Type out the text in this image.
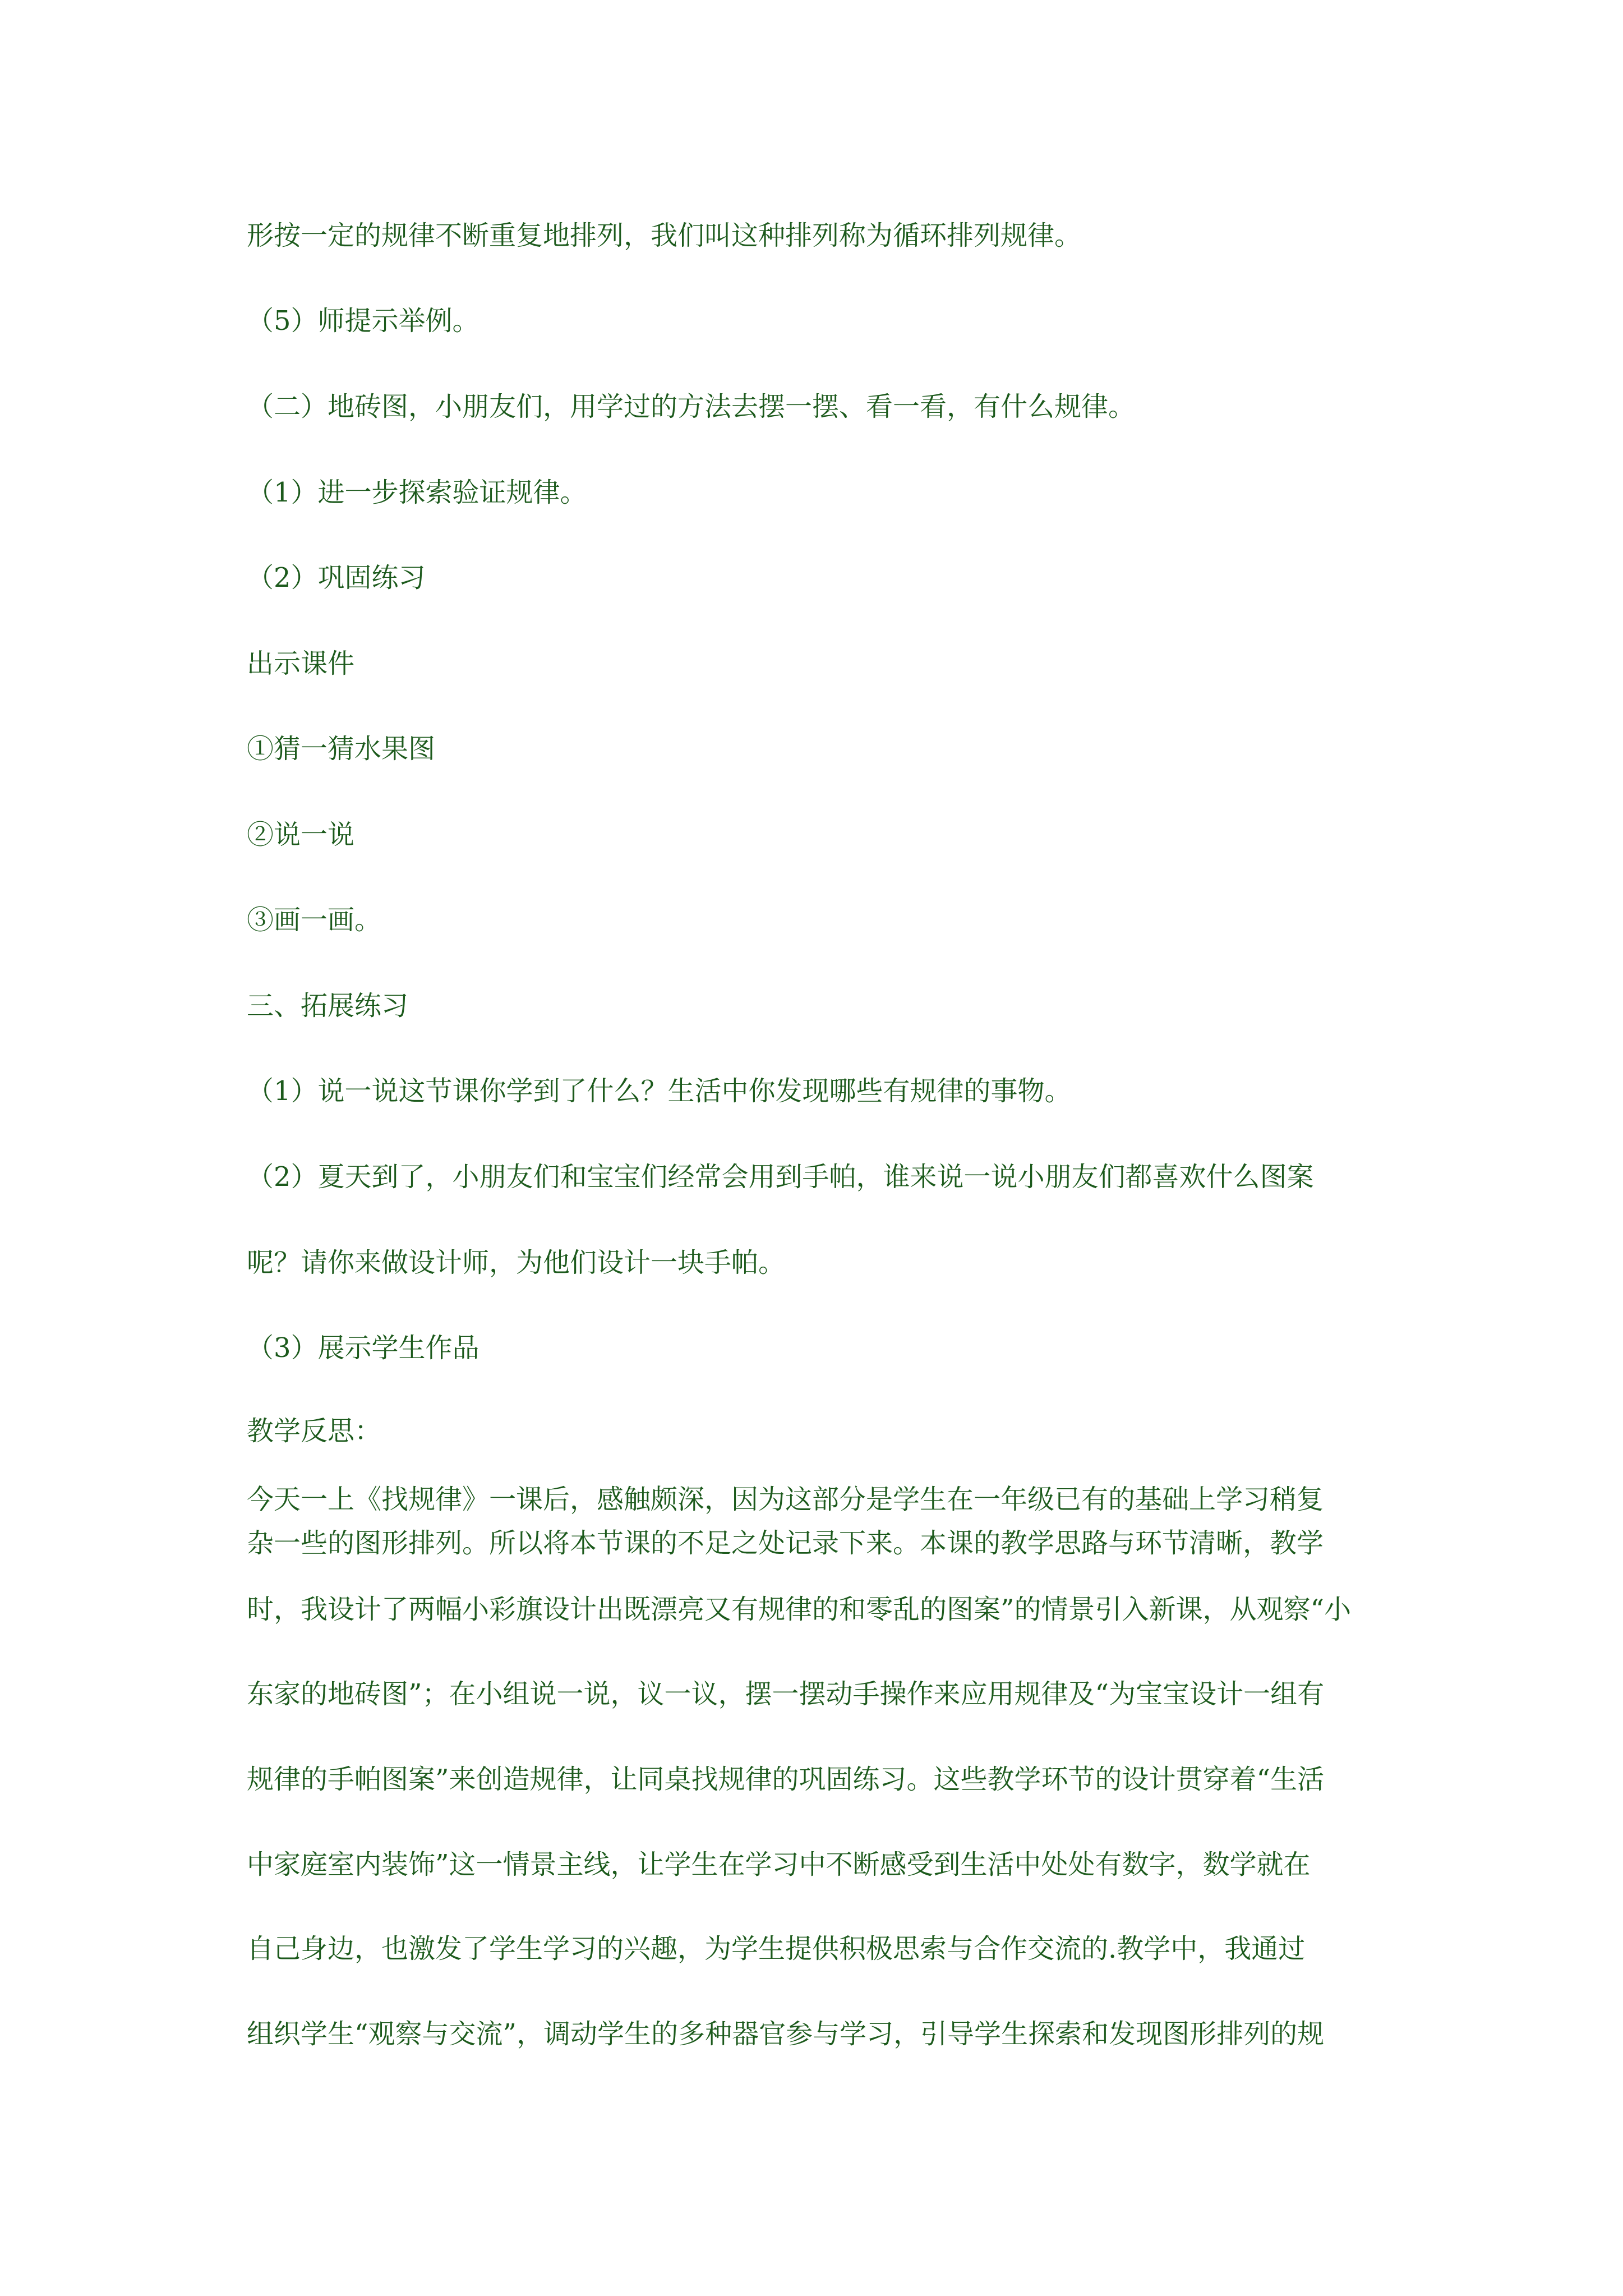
形按一定的规律不断重复地排列，我们叫这种排列称为循环排列规律。

（5）师提示举例。

（二）地砖图，小朋友们，用学过的方法去摆一摆、看一看，有什么规律。

（1）进一步探索验证规律。

（2）巩固练习

出示课件

①猜一猜水果图

②说一说

③画一画。

三、拓展练习

（1）说一说这节课你学到了什么？生活中你发现哪些有规律的事物。

（2）夏天到了，小朋友们和宝宝们经常会用到手帕，谁来说一说小朋友们都喜欢什么图案

呢？请你来做设计师，为他们设计一块手帕。

（3）展示学生作品

教学反思：

今天一上《找规律》一课后，感触颇深，因为这部分是学生在一年级已有的基础上学习稍复

杂一些的图形排列。所以将本节课的不足之处记录下来。本课的教学思路与环节清晰，教学

时，我设计了两幅小彩旗设计出既漂亮又有规律的和零乱的图案”的情景引入新课，从观察“小

东家的地砖图”；在小组说一说，议一议，摆一摆动手操作来应用规律及“为宝宝设计一组有

规律的手帕图案”来创造规律，让同桌找规律的巩固练习。这些教学环节的设计贯穿着“生活

中家庭室内装饰”这一情景主线，让学生在学习中不断感受到生活中处处有数字，数学就在

自己身边，也激发了学生学习的兴趣，为学生提供积极思索与合作交流的.教学中，我通过

组织学生“观察与交流”，调动学生的多种器官参与学习，引导学生探索和发现图形排列的规
